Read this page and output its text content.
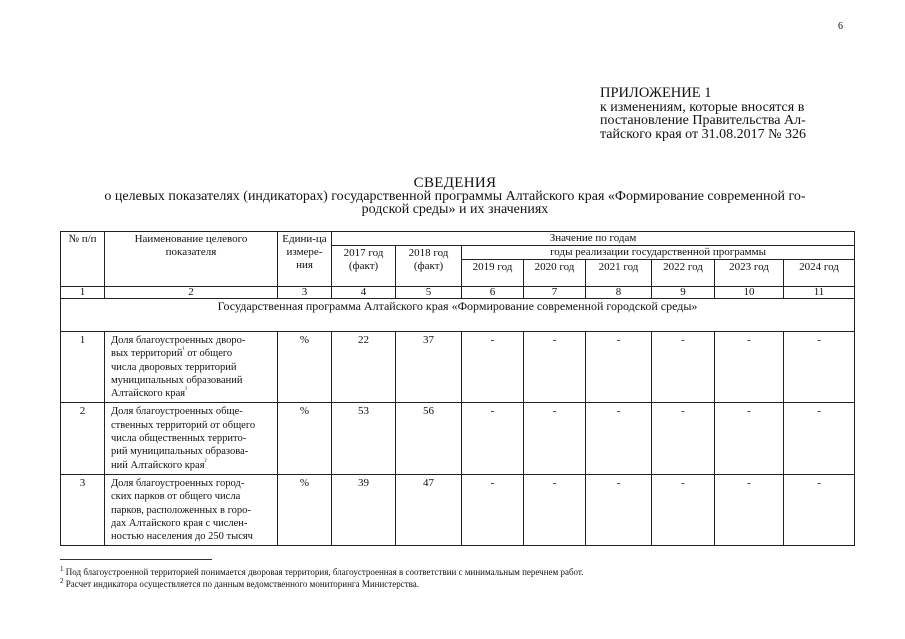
6
ПРИЛОЖЕНИЕ 1
к изменениям, которые вносятся в
постановление Правительства Ал-
тайского края от 31.08.2017 № 326
СВЕДЕНИЯ
о целевых показателях (индикаторах) государственной программы Алтайского края «Формирование современной го-
родской среды» и их значениях
№ п/п	Наименование целевого показателя	Едини-ца измере-ния	Значение по годам							
			2017 год (факт)	2018 год (факт)	годы реализации государственной программы					
					2019 год	2020 год	2021 год	2022 год	2023 год	2024 год
1	2	3	4	5	6	7	8	9	10	11
Государственная программа Алтайского края «Формирование современной городской среды»										
1	Доля благоустроенных дворо-
вых территорий$^{^1}$ от общего
числа дворовых территорий
муниципальных образований
Алтайского края$^{^2}$	%	22	37	-	-	-	-	-	-
2	Доля благоустроенных обще-
ственных территорий от общего
числа общественных террито-
рий муниципальных образова-
ний Алтайского края$^{^2}$	%	53	56	-	-	-	-	-	-
3	Доля благоустроенных город-
ских парков от общего числа
парков, расположенных в горо-
дах Алтайского края с числен-
ностью населения до 250 тысяч	%	39	47	-	-	-	-	-	-
$^1$ Под благоустроенной территорией понимается дворовая территория, благоустроенная в соответствии с минимальным перечнем работ.
$^2$ Расчет индикатора осуществляется по данным ведомственного мониторинга Министерства.
